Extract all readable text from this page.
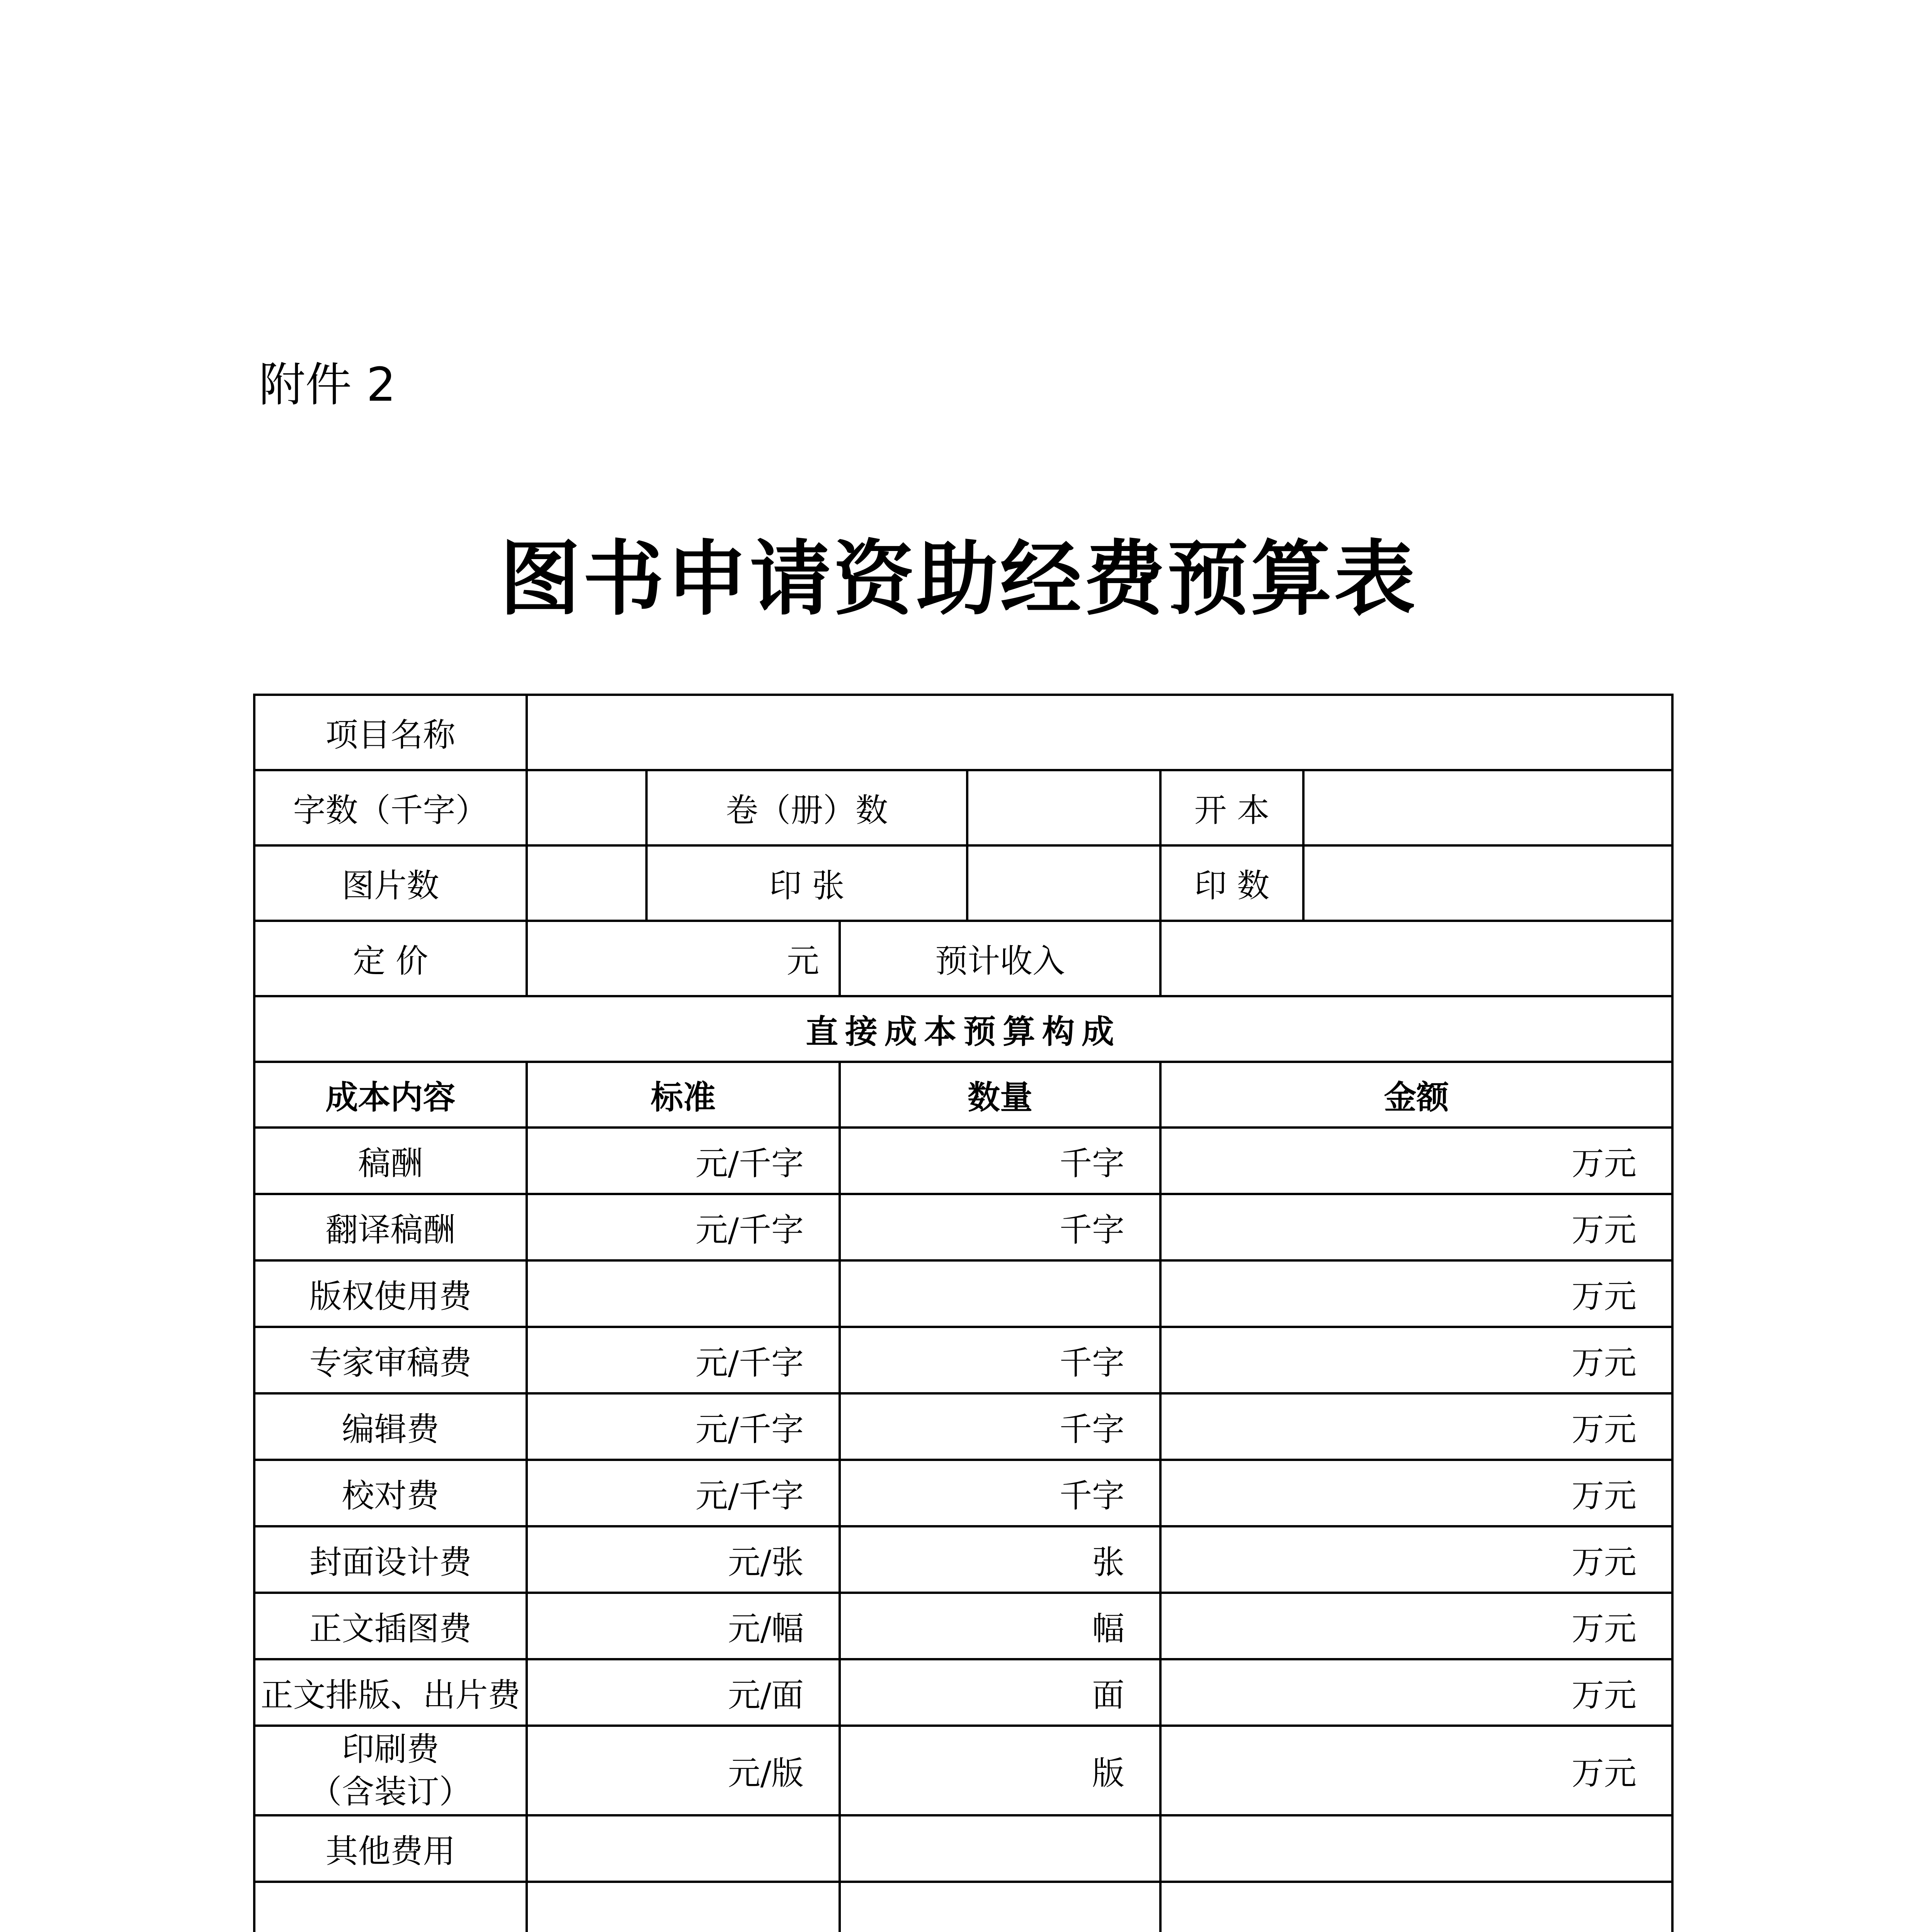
附件 2
图书申请资助经费预算表
项目名称						
字数（千字）		卷（册）数			开 本	
图片数		印 张			印 数	
定 价	元		预计收入			
直接成本预算构成						
成本内容	标准		数量		金额	
稿酬	元/千字		千字		万元	
翻译稿酬	元/千字		千字		万元	
版权使用费					万元	
专家审稿费	元/千字		千字		万元	
编辑费	元/千字		千字		万元	
校对费	元/千字		千字		万元	
封面设计费	元/张		张		万元	
正文插图费	元/幅		幅		万元	
正文排版、出片费	元/面		面		万元	

印刷费
（含装订）	元/版		版		万元	
其他费用						
